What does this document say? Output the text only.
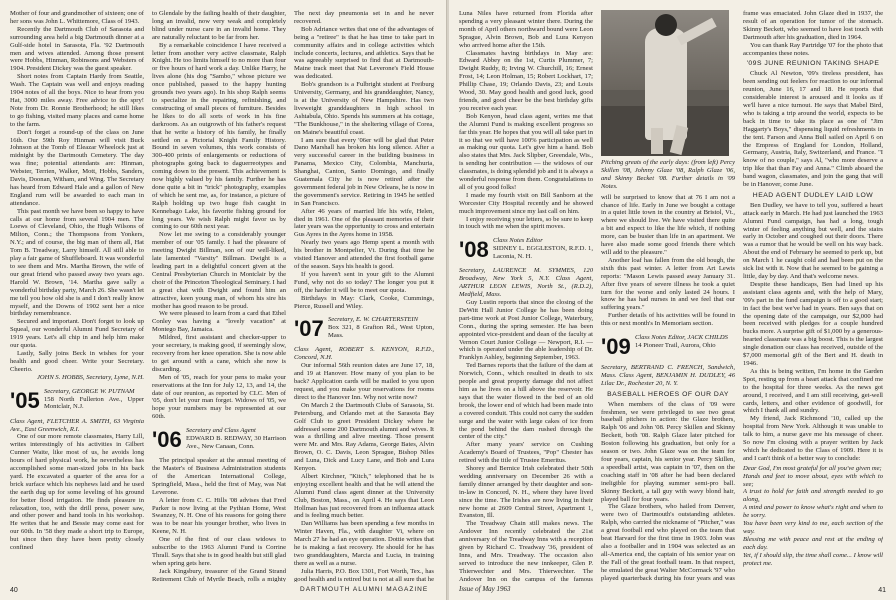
Mother of four and grandmother of sixteen; one of her sons was John L. Whittemore, Class of 1943.

Recently the Dartmouth Club of Sarasota and surrounding area held a big Dartmouth dinner at a Gulf-side hotel in Sarasota, Fla. '92 Dartmouth men and wives attended. Among those present were Hobbs, Hinman, Robinsons and Websters of 1904. President Dickey was the guest speaker.

Short notes from Captain Hardy from Seattle, Wash. The Captain was well and enjoys reading 1904 notes of all the boys. Nice to hear from you Hat, 3000 miles away. Free advice to the spry! Note from Dr. Ronnie Brotherhood; he still likes to go fishing, visited many places and came home to the farm.

Don't forget a round-up of the class on June 16th. Our 59th Roy Hinman will visit Buck Johnson at the Tomb of Eleazar Wheelock just at midnight by the Dartmouth Cemetery. The day was fine; potential attendants are: Hinman, Webster, Terrien, Walker, Mott, Hobbs, Sanders, Davis, Doonan, Witham, and Wing. The Secretary has heard from Edward Hale and a gallon of New England rum will be awarded to each man in attendance.

This past month we have been so happy to have calls at our home from several 1904 men. The Loews of Cleveland, Ohio, the Hugh Wilsons of Milton, Conn.; the Thompsons from Yonkers, N.Y.; and of course, the big man of them all, Hat Tom B. Treadway, Larry himself. All still able to play a fair game of Shuffleboard. It was wonderful to see them and Mrs. Martha Brown, the wife of our great friend who passed away two years ago. Harold W. Brown, '14. Martha gave sally a wonderful birthday party, March 26. She wasn't let me tell you how old she is and I don't really know myself, and the Downs of 1902 sent her a nice birthday remembrance.

Secured and important. Don't forget to look up Squeal, our wonderful Alumni Fund Secretary of 1919 years. Let's all chip in and help him make our quota.

Lastly, Sally joins Beck in wishes for your health and good cheer. Write your Secretary. Cheerio.

JOHN S. HOBBS, Secretary, Lyme, N.H.

'05 Secretary, GEORGE W. PUTNAM
158 North Fullerton Ave., Upper Montclair, N.J.

Class Agent, FLETCHER A. SMITH, 63 Virginia Ave., East Greenwich, R.I.

One of our more remote classmates, Harry Lill, writes interestingly of his activities in Gilbert Cunner Waite, like most of us, he avoids long hours of hard physical work, he nevertheless has accomplished some man-sized jobs in his back yard. He excavated a quarter of the area for a brick surface which his nephews laid and he used the earth dug up for some leveling of his ground for better flood irrigation. He finds pleasure in relaxation, too, with the drill press, power saw, and other power and hand tools in his workshop. He writes that he and Bessie may come east for our 60th. In '58 they made a short trip to Europe, but since then they have been pretty closely confined

to Glendale by the failing health of their daughter, long an invalid, now very weak and completely blind under nurse care in an invalid home. They are naturally reluctant to be far from her.

By a remarkable coincidence I have received a letter from another very active classmate, Ralph Knight. He too limits himself to no more than four or five hours of hard work a day. Unlike Harry, he lives alone (his dog "Sambo," whose picture we once published, passed to the happy hunting grounds two years ago). In his shop Ralph seems to specialize in the repairing, refinishing, and constructing of small pieces of furniture. Besides he likes to do all sorts of work in his fine darkroom. As an outgrowth of his father's request that he write a history of his family, he finally settled on a Pictorial Knight Family History. Bound in seven volumes, this work consists of 300-400 prints of enlargements or reductions of photographs going back to daguerreotypes and coming down to the present. This achievement is now highly valued by his family. Further he has done quite a bit in "trick" photography, examples of which he sent me, as, for instance, a picture of Ralph holding up two huge fish caught in Kennebago Lake, his favorite fishing ground for long years. We wish Ralph might favor us by coming to our 60th next year.

Now let me swing to a considerably younger member of our '05 family. I had the pleasure of meeting Dwight Billman, son of our well-liked, late lamented "Varsity" Billman. Dwight is a leading part in a delightful concert given at the Central Presbyterian Church in Montclair by the choir of the Princeton Theological Seminary. I had a great chat with Dwight and found him an attractive, keen young man, of whom his sire his mother has good reason to be proud.

We were pleased to learn from a card that Ethel Conley was having a "lovely vacation" at Montego Bay, Jamaica.

Mildred, first assistant and checker-upper to your secretary, is making good, if seemingly slow, recovery from her knee operation. She is now able to get around with a cane, which she now is discarding.

Men of '05, reach for your pens to make your reservations at the Inn for July 12, 13, and 14, the date of our reunion, as reported by CLC. Men of '05, don't let your man forget. Widows of '05, we hope your numbers may be represented at our 60th.

'06 Secretary and Class Agent
EDWARD B. REDWAY, 30 Harrison Ave., New Canaan, Conn.

The principal speaker at the annual meeting of the Master's of Business Administration students of the American International College, Springfield, Mass., held the first of May, was Nat Leverone.

A letter from C. C. Hills '08 advises that Fred Parker is now living at the Pythian Home, West Swanzey, N. H. One of his reasons for going there was to be near his younger brother, who lives in Keene, N. H.

One of the first of our class widows to subscribe to the 1963 Alumni Fund is Corrine Thrall. Says that she is in good health but still glad when spring gets here.

Jack Kingsbury, treasurer of the Grand Strand Retirement Club of Myrtle Beach, rolls a mighty

The next day pneumonia set in and he never recovered.

Bob Adriance writes that one of the advantages of being a "retiree" is that he has time to take part in community affairs and in college activities which include concerts, lectures, and athletics. Says that he was agreeably surprised to find that at Dartmouth-Maine track meet that Nat Leverone's Field House was dedicated.

Bob's grandson is a Fulbright student at Freiburg University, Germany, and his granddaughter, Nancy, is at the University of New Hampshire. Has two liveweight granddaughters in high school in Ashtabula, Ohio. Spends his summers at his cottage, "The Bunkhouse," in the sheltering village of Corea, on Maine's beautiful coast.

I am sure that every '06er will be glad that Peter Dano Marshall has broken his long silence. After a very successful career in the building business in Panama, Mexico City, Colombia, Manchuria, Shanghai, Canton, Santo Domingo, and finally Guatemala City he is now retired after the government federal job in New Orleans, he is now in the government's service. Retiring in 1945 he settled in San Francisco.

After 46 years of married life his wife, Helen, died in 1961. One of the pleasant memories of their later years was the opportunity to cross and entertain Gus Ayres in the Ayres home in 1958.

Nearly two years ago Hemp spent a month with his brother in Montpelier, Vt. During that time he visited Hanover and attended the first football game of the season. Says his health is good.

If you haven't sent in your gift to the Alumni Fund, why not do so today? The longer you put it off, the harder it will be to meet our quota.

Birthdays in May: Clark, Cooke, Cummings, Pierce, Russell and Wiley.

'07 Secretary, E. W. CHARTERSTEIN
Box 321, 8 Grafton Rd., West Upton, Mass.

Class Agent, ROBERT S. KENYON, R.F.D., Concord, N.H.

Our informal 56th reunion dates are June 17, 18, and 19 at Hanover. How many of you plan to be back? Application cards will be mailed to you upon request, and you make your reservations for rooms direct to the Hanover Inn. Why not write now?

On March 2 the Dartmouth Clubs of Sarasota, St. Petersburg, and Orlando met at the Sarasota Bay Golf Club to greet President Dickey where he addressed some 200 Dartmouth alumni and wives. It was a thrilling and alive meeting. Those present were Mr. and Mrs. Ray Adams, George Bates, Alvin Brown, O. C. Davis, Leon Sprague, Bishop Niles and Luna, Dick and Lucy Lane, and Bob and Lura Kenyon.

Albert Kirchner, "Kitch," telephoned that he is enjoying excellent health and that he will attend the Alumni Fund class agent dinner at the University Club, Boston, Mass., on April 4. He says that Leon Hollman has just recovered from an influenza attack and is feeling much better.

Dan Williams has been spending a few months in Winter Haven, Fla., with daughter Vi, where on March 27 he had an eye operation. Dottie writes that he is making a fast recovery. He should for he has two granddaughters, Marcia and Lucia, in training there as well as a nurse.

Julia Harris, P.O. Box 1301, Fort Worth, Tex., has good health and is retired but is not at all sure that he

40	DARTMOUTH ALUMNI MAGAZINE

Luna Niles have returned from Florida after spending a very pleasant winter there. During the month of April others northward bound were Leon Sprague, Alvin Brown, Bob and Lura Kenyon who arrived home after the 15th.

Classmates having birthdays in May are: Edward Abbey on the 1st, Curtis Plummer, 7; Dwight Ruddy, 8; Irving W. Churchill, 16; Ernest Frost, 14; Leon Holman, 15; Robert Lockhart, 17; Phillip Chase, 19; Orlando Davis, 23; and Louis Wood, 30. May good health and good luck, good friends, and good cheer be the best birthday gifts you receive each year.

Bob Kenyon, head class agent, writes me that the Alumni Fund is making excellent progress so far this year. He hopes that you will all take part in it so that we will have 100% participation as well as making our quota. Let's give him a hand. Bob also states that Mrs. Jack Slipber, Greendale, Wis., is sending her contribution — the widows of our classmates, is doing splendid job and it is always a wonderful response from them. Congratulations to all of you good folks!

I made my fourth visit on Bill Sanborn at the Worcester City Hospital recently and he showed much improvement since my last call on him.

I enjoy receiving your letters, so be sure to keep in touch with me when the spirit moves.

'08 Class Notes Editor
SIDNEY L. EGGLESTON, R.F.D. 1, Laconia, N. H.

Secretary, LAURENCE M. SYMMES, 120 Broadway, New York 5, N.Y. Class Agent, ARTHUR LEON LEWIS, North St., (R.D.2), Medfield, Mass.

Guy Lustin reports that since the closing of the DeWitt Hall Junior College he has been doing part-time work at Post Junior College, Waterbury, Conn., during the spring semester. He has been appointed vice-president and dean of the faculty at Vernon Court Junior College — Newport, R.I. — which is operated under the able leadership of Dr. Franklyn Ashley, beginning September, 1963.

Ted Barnes reports that the failure of the dam at Norwich, Conn., which resulted in death to six people and great property damage did not affect him as he lives on a hill above the reservoir. He says that the water flowed in the bed of an old brook, the lower end of which had been made into a covered conduit. This could not carry the sudden surge and the water with large cakes of ice from the pond behind the dam rushed through the center of the city."

After many years' service on Cushing Academy's Board of Trustees, "Pop" Chester has retired with the title of Trustee Emeritus.

Shorey and Bernice Irish celebrated their 50th wedding anniversary on December 26 with a family dinner arranged by their daughter and son-in-law in Concord, N. H., where they have lived since the time. The Irishes are now living in their new home at 2609 Central Street, Apartment 1, Evanston, Ill.

The Treadway Chain still makes news. The Andover Inn recently celebrated the 21st anniversary of the Treadway Inns with a reception given by Richard C. Treadway '36, president of Inns, and Mrs. Treadway. The occasion also served to introduce the new innkeeper, Glen P. Thierwechter and Mrs. Thierwechter. The Andover Inn on the campus of the famous

Pitching greats of the early days: (from left) Percy Skillen '08, Johnny Glaze '08, Ralph Glaze '06, and Skinny Becket '08. Further details in '09 Notes.

will be surprised to know that at 76 I am not a chance of life. Early in June we bought a cottage in a quiet little town in the country at Bristol, Vt., where we should live. We have visited there quite a bit and expect to like the life which, if nothing more, can be busier than life in an apartment. We have also made some good friends there which will add to the pleasure."

Another loaf has fallen from the old bough, the sixth this past winter. A letter from Art Lewis reports: "Mason Lewis passed away January 31. After five years of severe illness he took a quiet turn for the worse and only lasted 24 hours. I know he has had nurses in and we feel that our suffering years."

Further details of his activities will be found in this or next month's In Memoriam section.

'09 Class Notes Editor, JACK CHILDS
14 Pioneer Trail, Aurora, Ohio

Secretary, BERTRAND C. FRENCH, Sandwich, Mass. Class Agent, BENJAMIN H. DUDLEY, 46 Lilac Dr., Rochester 20, N. Y.

BASEBALL HEROES OF OUR DAY

When members of the class of '09 were freshmen, we were privileged to see two great baseball pitchers in action: the Glaze brothers, Ralph '06 and John '08. Percy Skillen and Skinny Beckett, both '08. Ralph Glaze later pitched for Boston following his graduation, but only for a season or two. John Glaze was on the team for four years, captain, his senior year. Percy Skillen, a speedball artist, was captain in '07, then on the coaching staff in '08 after he had been declared ineligible for playing summer semi-pro ball. Skinny Beckett, a tall guy with wavy blond hair, played ball for four years.

The Glaze brothers, who hailed from Denver, were two of Dartmouth's outstanding athletes. Ralph, who carried the nickname of "Pitcher," was a great football end who played on the team that beat Harvard for the first time in 1903. John was also a footballer and in 1904 was selected as an all-America end, the captain of his senior year on the Fall of the great football team. In that respect, he emulated the great Walter McCormack '97 who played quarterback during his four years and was

frame was emaciated. John Glaze died in 1937, the result of an operation for tumor of the stomach. Skinny Beckett, who seemed to have lost touch with Dartmouth after his graduation, died in 1964.

You can thank Ray Partridge '07 for the photo that accompanies these notes.

'09S JUNE REUNION TAKING SHAPE

Chuck Al Newton, '09's tireless president, has been sending out feelers for reaction to our informal reunion, June 16, 17 and 18. He reports that considerable interest is aroused and it looks as if we'll have a nice turnout. He says that Mabel Bird, who is taking a trip around the world, expects to be back in time to take its place as one of "Jim Haggarty's Boys," dispensing liquid refreshments in the tent. Farson and Anna Bull sailed on April 6 on the Empress of England for London, Holland, Germany, Austria, Italy, Switzerland, and France. "I know of no couple," says Al, "who more deserve a trip like that than Fay and Anna." Climb aboard the band wagon, classmates, and join the gang that will be in Hanover, come June.

HEAD AGENT DUDLEY LAID LOW

Ben Dudley, we have to tell you, suffered a heart attack early in March. He had just launched the 1963 Alumni Fund campaign, has had a long, tough winter of feeling anything but well, and the stairs early in October and coughed out their doors. There was a rumor that he would be well on his way back. About the end of February he seemed to perk up, but on March 1 he caught cold and had been put on the sick list with it. Now that he seemed to be gaining a little, day by day. And that's welcome news.

Despite these handicaps, Ben had lined up his assistant class agents and, with the help of Mary, '09's part in the fund campaign is off to a good start; in fact the best we've had in years. Ben says that on the opening date of the campaign, our $2,000 had been received with pledges for a couple hundred bucks more. A surprise gift of $1,000 by a generous-hearted classmate was a big boost. This is the largest single donation our class has received, outside of the $7,000 memorial gift of the Bert and H. death in 1946.

As this is being written, I'm home in the Garden Spot, resting up from a heart attack that confined me to the hospital for three weeks. As the news got around, I received, and I am still receiving, get-well cards, letters, and other evidence of goodwill, for which I thank all and sundry.

My friend, Jack Richmond '10, called up the hospital from New York. Although it was unable to talk to him, a nurse gave me his message of cheer. So now I'm closing with a prayer written by Jack which he dedicated to the Class of 1909. Here it is and I can't think of a better way to conclude:

Dear God, I'm most grateful for all you've given me;

Hands and feet to move about, eyes with which to see;

A trust to hold for faith and strength needed to go along,

A mind and power to know what's right and when to be sorry.

You have been very kind to me, each section of the way.

Blessing me with peace and rest at the ending of each day.

Yet, if I should slip, the time shall come... I know will protect me.

Issue of May 1963	41
